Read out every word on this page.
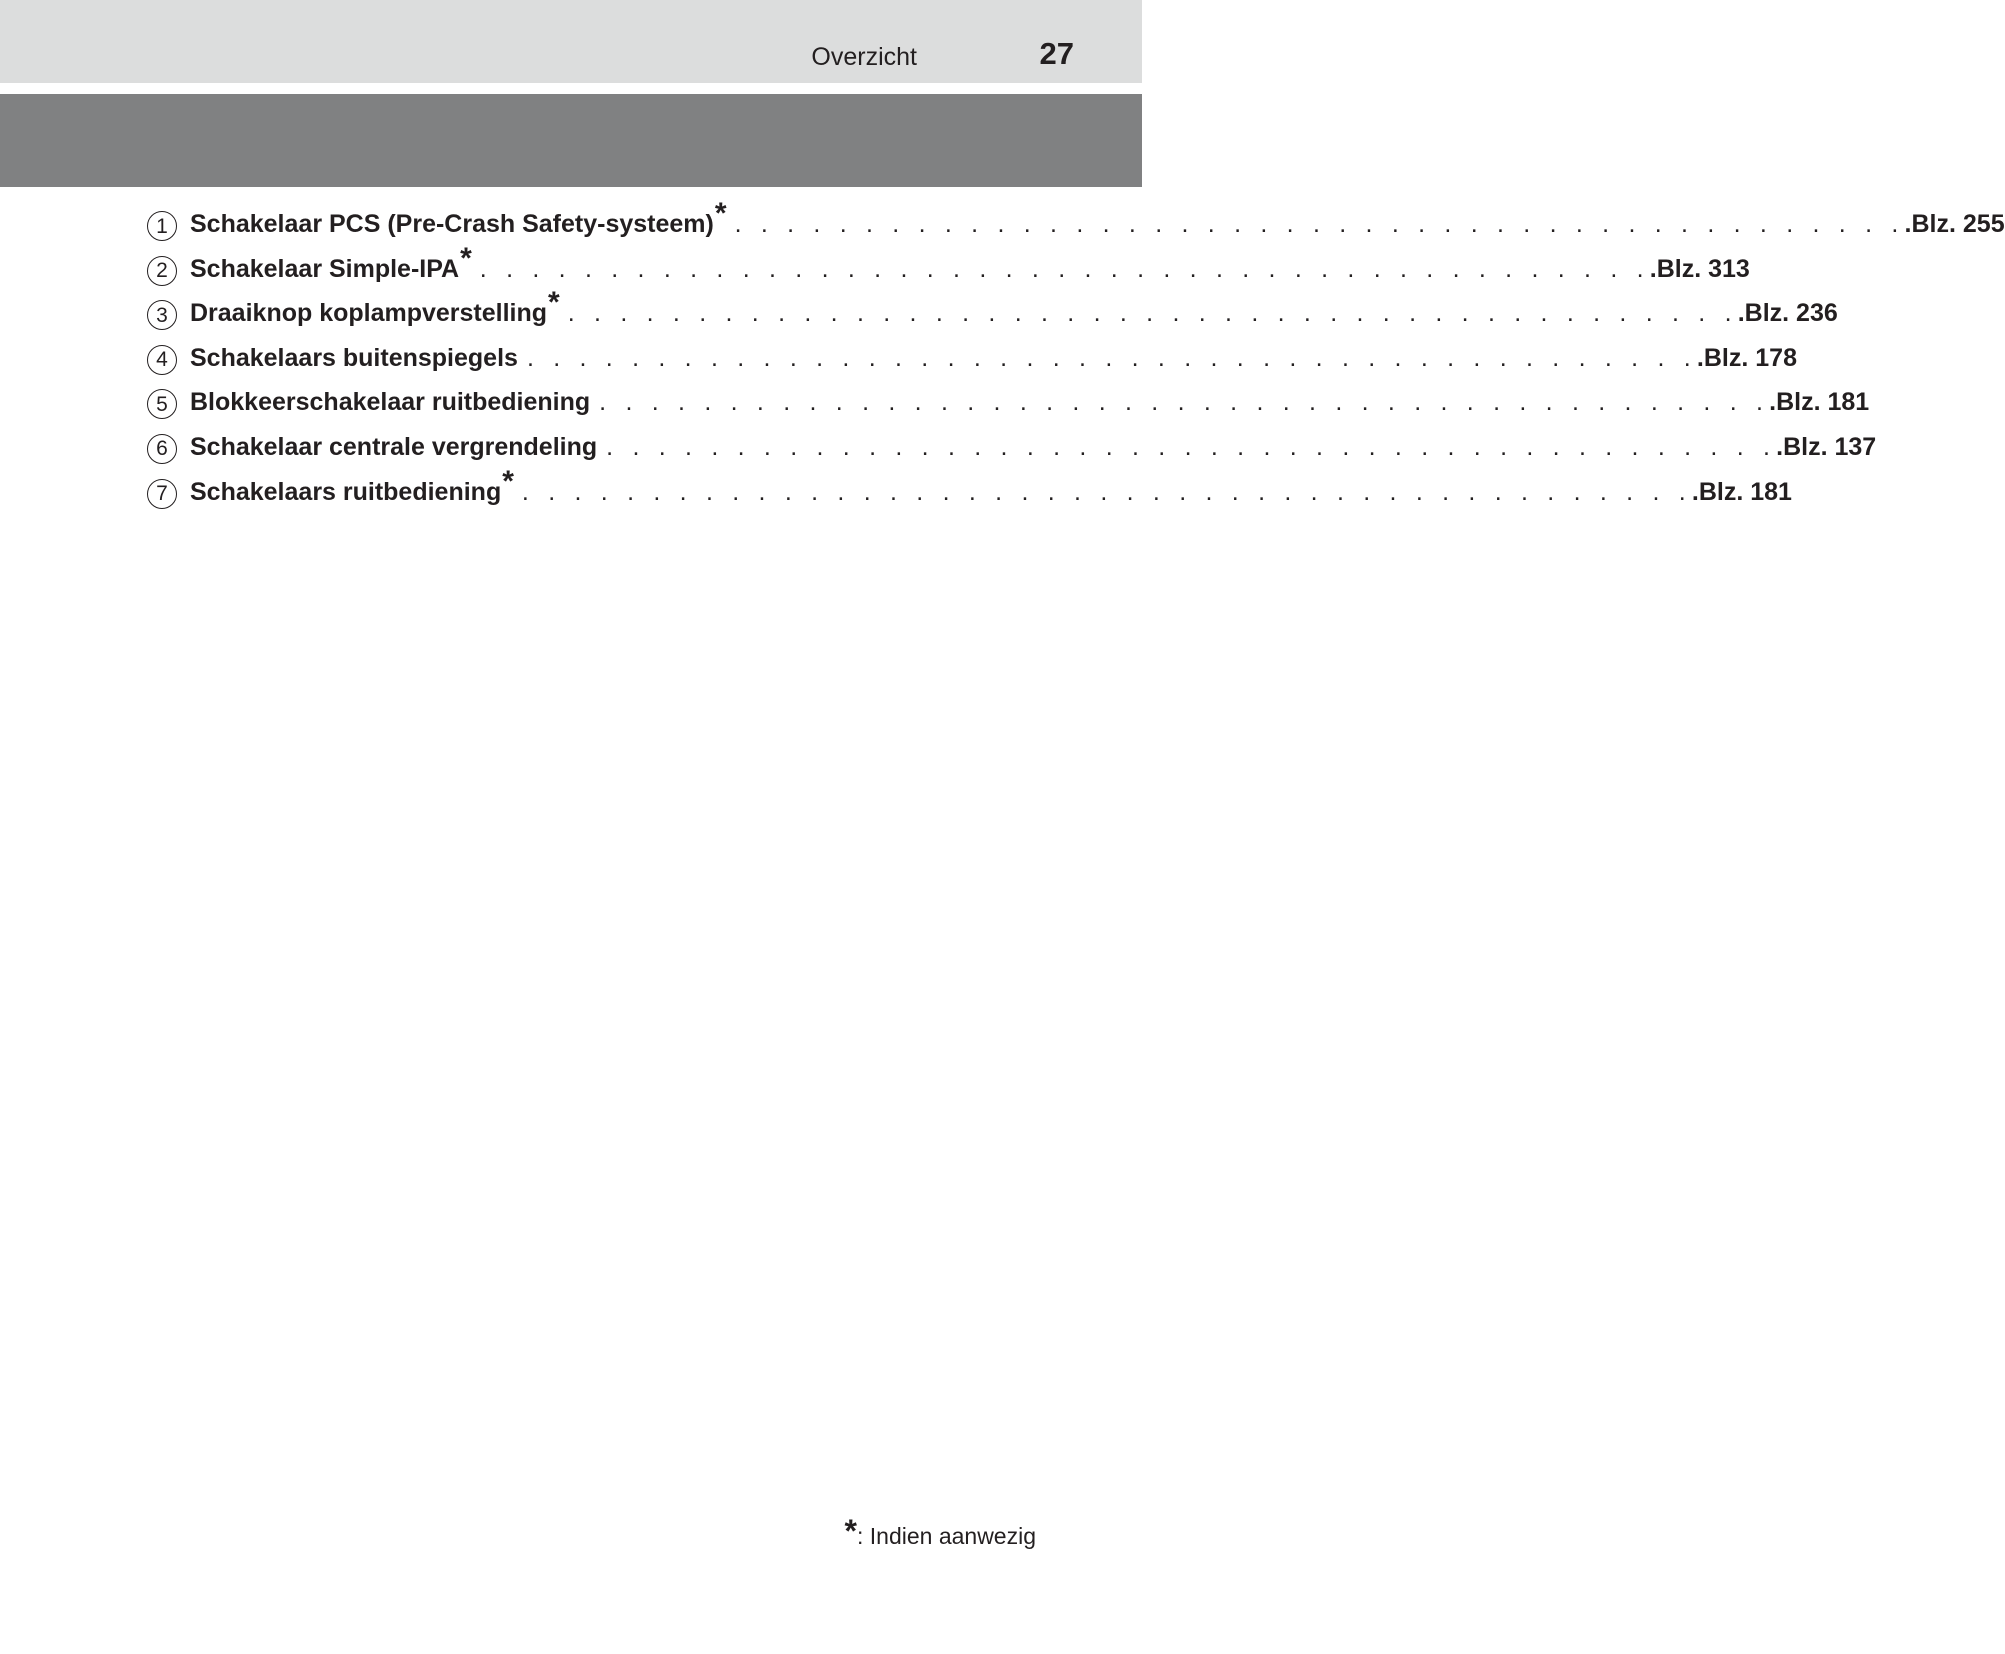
Overzicht	27
1 Schakelaar PCS (Pre-Crash Safety-systeem) * . . . . . . . . . . . . . . . . . . . . . . . . . . . . . . . . . . . . . . . . . . . . . .Blz. 255
2 Schakelaar Simple-IPA * . . . . . . . . . . . . . . . . . . . . . . . . . . . . . . . . . . . . . . . . . . . . . .Blz. 313
3 Draaiknop koplampverstelling * . . . . . . . . . . . . . . . . . . . . . . . . . . . . . . . . . . . . . . . . . . . . . .Blz. 236
4 Schakelaars buitenspiegels . . . . . . . . . . . . . . . . . . . . . . . . . . . . . . . . . . . . . . . . . . . . . .Blz. 178
5 Blokkeerschakelaar ruitbediening . . . . . . . . . . . . . . . . . . . . . . . . . . . . . . . . . . . . . . . . . . . . . .Blz. 181
6 Schakelaar centrale vergrendeling . . . . . . . . . . . . . . . . . . . . . . . . . . . . . . . . . . . . . . . . . . . . . .Blz. 137
7 Schakelaars ruitbediening * . . . . . . . . . . . . . . . . . . . . . . . . . . . . . . . . . . . . . . . . . . . . . .Blz. 181
*: Indien aanwezig
